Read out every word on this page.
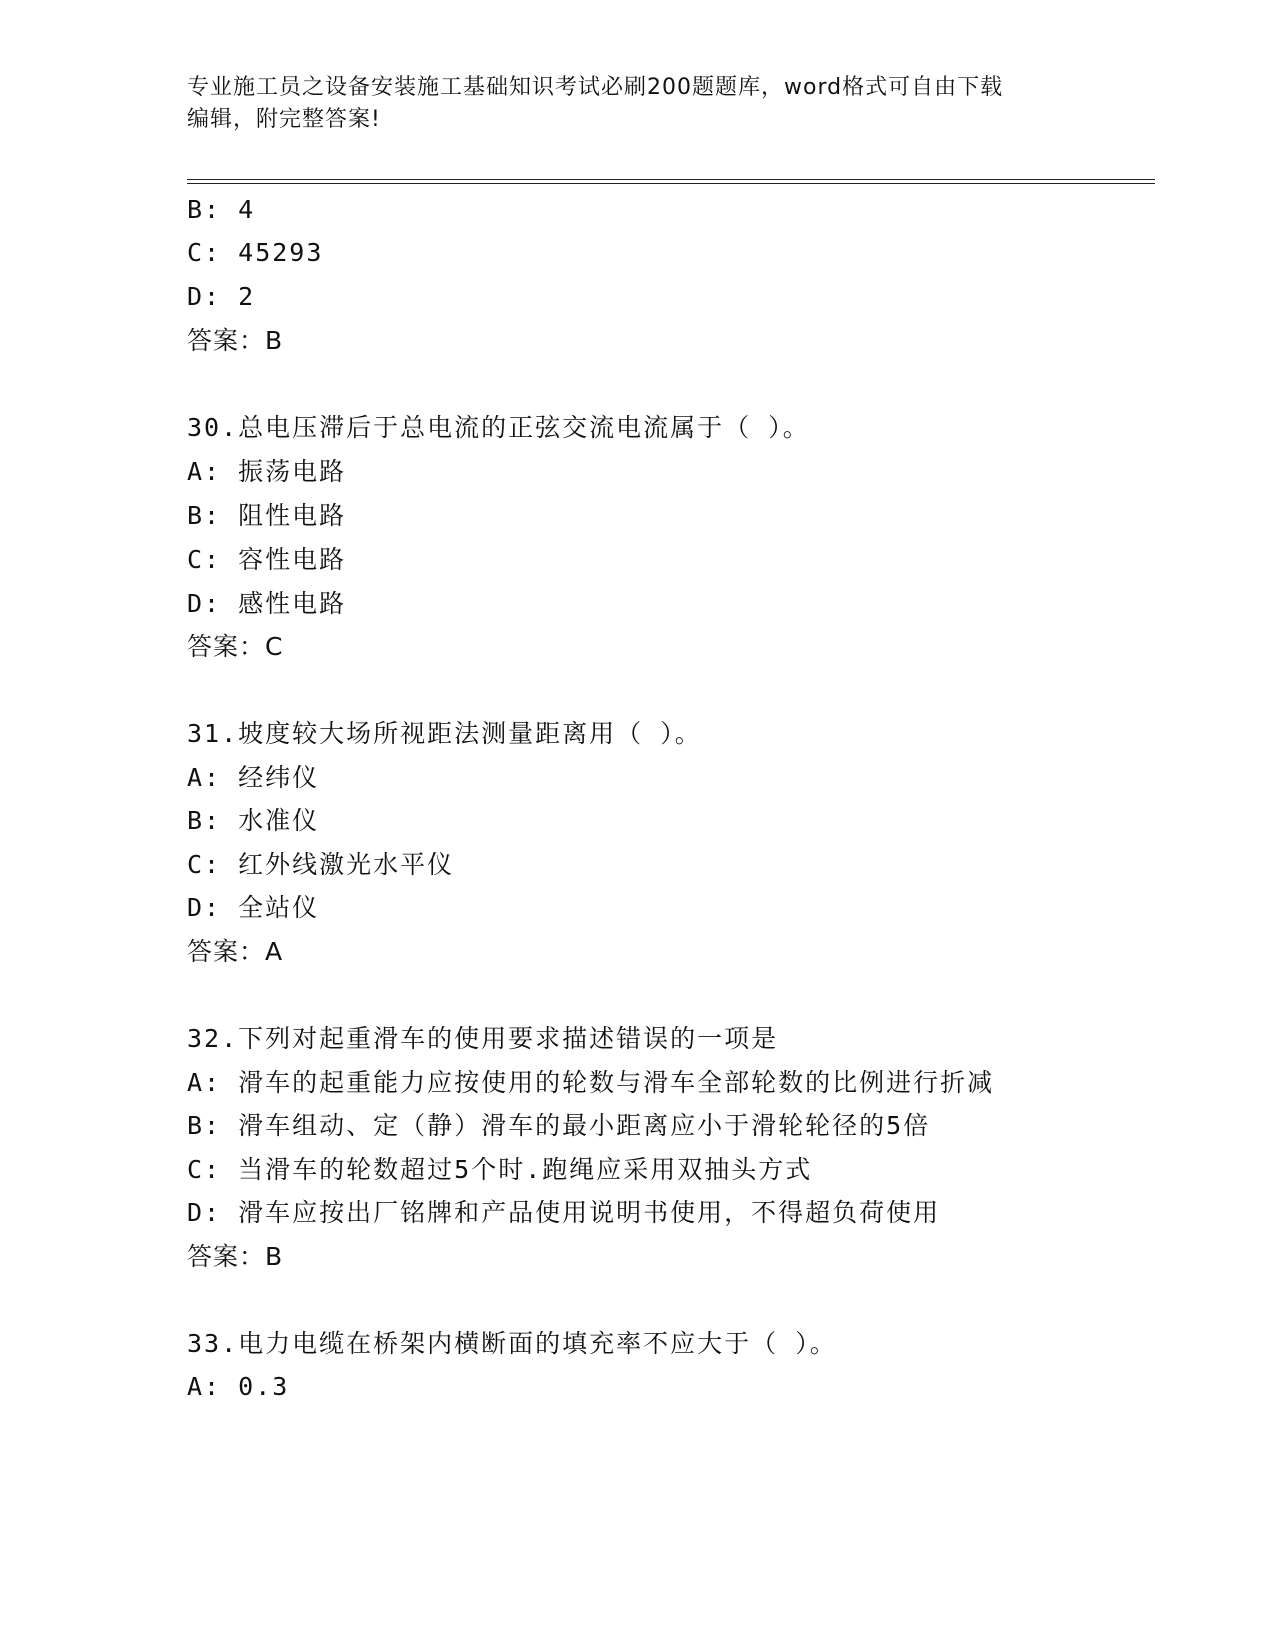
专业施工员之设备安装施工基础知识考试必刷200题题库，word格式可自由下载
编辑，附完整答案!
B: 4
C: 45293
D: 2
答案：B
30.总电压滞后于总电流的正弦交流电流属于（ ）。
A: 振荡电路
B: 阻性电路
C: 容性电路
D: 感性电路
答案：C
31.坡度较大场所视距法测量距离用（ ）。
A: 经纬仪
B: 水准仪
C: 红外线激光水平仪
D: 全站仪
答案：A
32.下列对起重滑车的使用要求描述错误的一项是
A: 滑车的起重能力应按使用的轮数与滑车全部轮数的比例进行折减
B: 滑车组动、定（静）滑车的最小距离应小于滑轮轮径的5倍
C: 当滑车的轮数超过5个时.跑绳应采用双抽头方式
D: 滑车应按出厂铭牌和产品使用说明书使用，不得超负荷使用
答案：B
33.电力电缆在桥架内横断面的填充率不应大于（ ）。
A: 0.3
